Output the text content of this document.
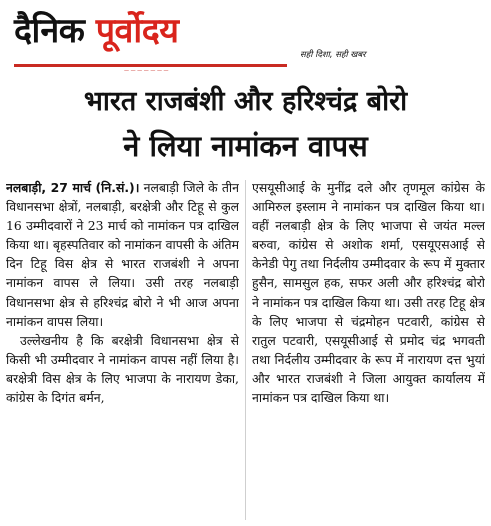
दैनिक पूर्वोदय
सही दिशा, सही खबर
— — — — — — —
भारत राजबंशी और हरिश्चंद्र बोरो
ने लिया नामांकन वापस

नलबाड़ी, 27 मार्च (नि.सं.)। नलबाड़ी जिले के तीन विधानसभा क्षेत्रों, नलबाड़ी, बरक्षेत्री और टिहू से कुल 16 उम्मीदवारों ने 23 मार्च को नामांकन पत्र दाखिल किया था। बृहस्पतिवार को नामांकन वापसी के अंतिम दिन टिहू विस क्षेत्र से भारत राजबंशी ने अपना नामांकन वापस ले लिया। उसी तरह नलबाड़ी विधानसभा क्षेत्र से हरिश्चंद्र बोरो ने भी आज अपना नामांकन वापस लिया।

उल्लेखनीय है कि बरक्षेत्री विधानसभा क्षेत्र से किसी भी उम्मीदवार ने नामांकन वापस नहीं लिया है। बरक्षेत्री विस क्षेत्र के लिए भाजपा के नारायण डेका, कांग्रेस के दिगंत बर्मन,

एसयूसीआई के मुनींद्र दले और तृणमूल कांग्रेस के आमिरुल इस्लाम ने नामांकन पत्र दाखिल किया था। वहीं नलबाड़ी क्षेत्र के लिए भाजपा से जयंत मल्ल बरुवा, कांग्रेस से अशोक शर्मा, एसयूएसआई से केनेडी पेगु तथा निर्दलीय उम्मीदवार के रूप में मुक्तार हुसैन, सामसुल हक, सफर अली और हरिश्चंद्र बोरो ने नामांकन पत्र दाखिल किया था। उसी तरह टिहू क्षेत्र के लिए भाजपा से चंद्रमोहन पटवारी, कांग्रेस से रातुल पटवारी, एसयूसीआई से प्रमोद चंद्र भगवती तथा निर्दलीय उम्मीदवार के रूप में नारायण दत्त भुयां और भारत राजबंशी ने जिला आयुक्त कार्यालय में नामांकन पत्र दाखिल किया था।
